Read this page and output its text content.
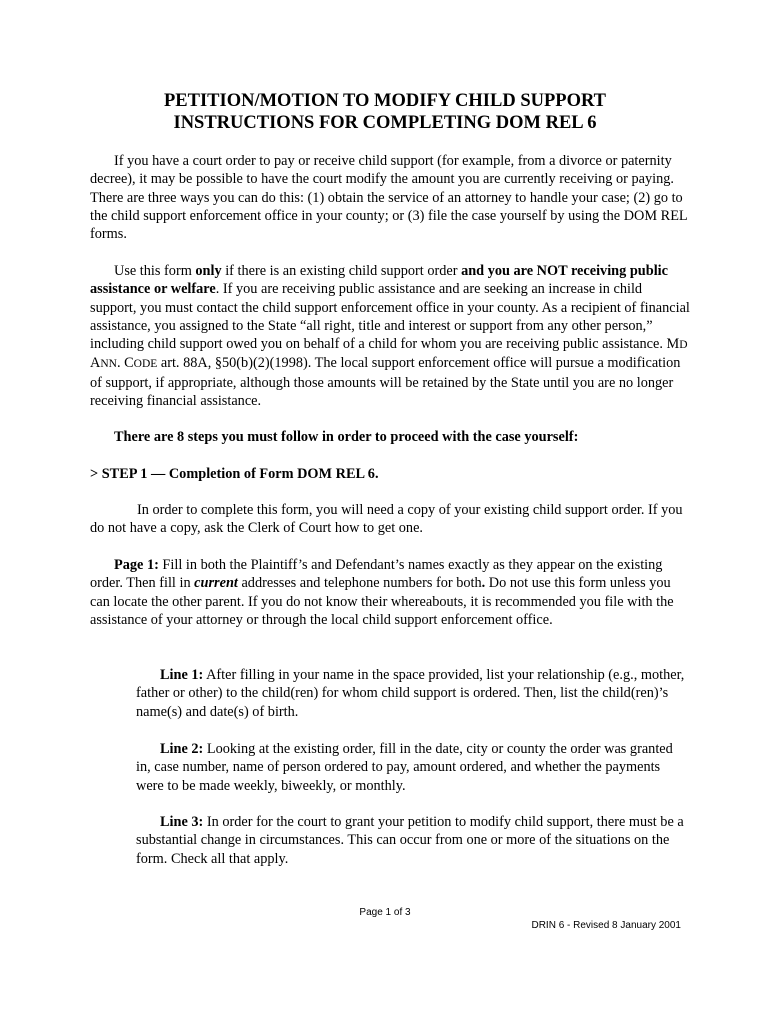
PETITION/MOTION TO MODIFY CHILD SUPPORT
INSTRUCTIONS FOR COMPLETING DOM REL 6
If you have a court order to pay or receive child support (for example, from a divorce or paternity decree), it may be possible to have the court modify the amount you are currently receiving or paying. There are three ways you can do this: (1) obtain the service of an attorney to handle your case; (2) go to the child support enforcement office in your county; or (3) file the case yourself by using the DOM REL forms.
Use this form only if there is an existing child support order and you are NOT receiving public assistance or welfare. If you are receiving public assistance and are seeking an increase in child support, you must contact the child support enforcement office in your county. As a recipient of financial assistance, you assigned to the State “all right, title and interest or support from any other person,” including child support owed you on behalf of a child for whom you are receiving public assistance. MD ANN. CODE art. 88A, §50(b)(2)(1998). The local support enforcement office will pursue a modification of support, if appropriate, although those amounts will be retained by the State until you are no longer receiving financial assistance.
There are 8 steps you must follow in order to proceed with the case yourself:
> STEP 1 — Completion of Form DOM REL 6.
In order to complete this form, you will need a copy of your existing child support order. If you do not have a copy, ask the Clerk of Court how to get one.
Page 1: Fill in both the Plaintiff’s and Defendant’s names exactly as they appear on the existing order. Then fill in current addresses and telephone numbers for both. Do not use this form unless you can locate the other parent. If you do not know their whereabouts, it is recommended you file with the assistance of your attorney or through the local child support enforcement office.
Line 1: After filling in your name in the space provided, list your relationship (e.g., mother, father or other) to the child(ren) for whom child support is ordered. Then, list the child(ren)’s name(s) and date(s) of birth.
Line 2: Looking at the existing order, fill in the date, city or county the order was granted in, case number, name of person ordered to pay, amount ordered, and whether the payments were to be made weekly, biweekly, or monthly.
Line 3: In order for the court to grant your petition to modify child support, there must be a substantial change in circumstances. This can occur from one or more of the situations on the form. Check all that apply.
Page 1 of 3
DRIN 6 - Revised 8 January 2001
